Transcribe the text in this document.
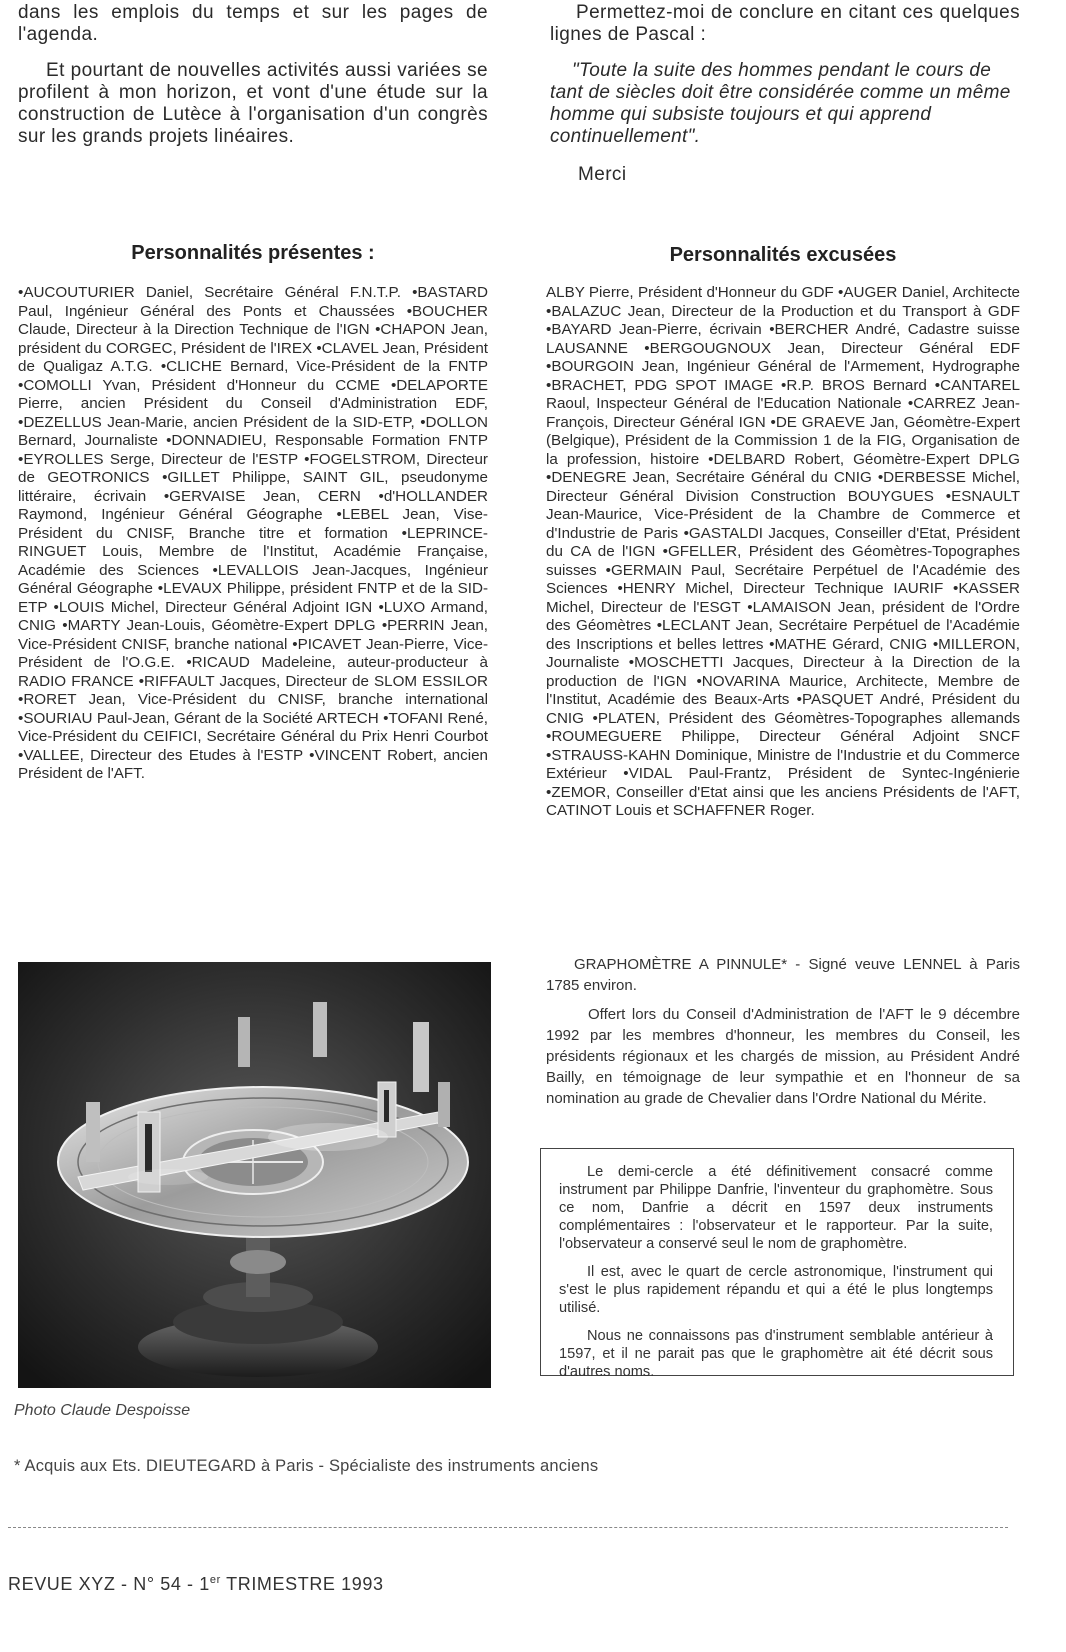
dans les emplois du temps et sur les pages de l'agenda.

Et pourtant de nouvelles activités aussi variées se profilent à mon horizon, et vont d'une étude sur la construction de Lutèce à l'organisation d'un congrès sur les grands projets linéaires.

Permettez-moi de conclure en citant ces quelques lignes de Pascal :

"Toute la suite des hommes pendant le cours de tant de siècles doit être considérée comme un même homme qui subsiste toujours et qui apprend continuellement".

Merci

Personnalités présentes :
•AUCOUTURIER Daniel, Secrétaire Général F.N.T.P. •BASTARD Paul, Ingénieur Général des Ponts et Chaussées •BOUCHER Claude, Directeur à la Direction Technique de l'IGN •CHAPON Jean, président du CORGEC, Président de l'IREX •CLAVEL Jean, Président de Qualigaz A.T.G. •CLICHE Bernard, Vice-Président de la FNTP •COMOLLI Yvan, Président d'Honneur du CCME •DELAPORTE Pierre, ancien Président du Conseil d'Administration EDF, •DEZELLUS Jean-Marie, ancien Président de la SID-ETP, •DOLLON Bernard, Journaliste •DONNADIEU, Responsable Formation FNTP •EYROLLES Serge, Directeur de l'ESTP •FOGELSTROM, Directeur de GEOTRONICS •GILLET Philippe, SAINT GIL, pseudonyme littéraire, écrivain •GERVAISE Jean, CERN •d'HOLLANDER Raymond, Ingénieur Général Géographe •LEBEL Jean, Vise-Président du CNISF, Branche titre et formation •LEPRINCE-RINGUET Louis, Membre de l'Institut, Académie Française, Académie des Sciences •LEVALLOIS Jean-Jacques, Ingénieur Général Géographe •LEVAUX Philippe, président FNTP et de la SID-ETP •LOUIS Michel, Directeur Général Adjoint IGN •LUXO Armand, CNIG •MARTY Jean-Louis, Géomètre-Expert DPLG •PERRIN Jean, Vice-Président CNISF, branche national •PICAVET Jean-Pierre, Vice-Président de l'O.G.E. •RICAUD Madeleine, auteur-producteur à RADIO FRANCE •RIFFAULT Jacques, Directeur de SLOM ESSILOR •RORET Jean, Vice-Président du CNISF, branche international •SOURIAU Paul-Jean, Gérant de la Société ARTECH •TOFANI René, Vice-Président du CEIFICI, Secrétaire Général du Prix Henri Courbot •VALLEE, Directeur des Etudes à l'ESTP •VINCENT Robert, ancien Président de l'AFT.
Personnalités excusées
ALBY Pierre, Président d'Honneur du GDF •AUGER Daniel, Architecte •BALAZUC Jean, Directeur de la Production et du Transport à GDF •BAYARD Jean-Pierre, écrivain •BERCHER André, Cadastre suisse LAUSANNE •BERGOUGNOUX Jean, Directeur Général EDF •BOURGOIN Jean, Ingénieur Général de l'Armement, Hydrographe •BRACHET, PDG SPOT IMAGE •R.P. BROS Bernard •CANTAREL Raoul, Inspecteur Général de l'Education Nationale •CARREZ Jean-François, Directeur Général IGN •DE GRAEVE Jan, Géomètre-Expert (Belgique), Président de la Commission 1 de la FIG, Organisation de la profession, histoire •DELBARD Robert, Géomètre-Expert DPLG •DENEGRE Jean, Secrétaire Général du CNIG •DERBESSE Michel, Directeur Général Division Construction BOUYGUES •ESNAULT Jean-Maurice, Vice-Président de la Chambre de Commerce et d'Industrie de Paris •GASTALDI Jacques, Conseiller d'Etat, Président du CA de l'IGN •GFELLER, Président des Géomètres-Topographes suisses •GERMAIN Paul, Secrétaire Perpétuel de l'Académie des Sciences •HENRY Michel, Directeur Technique IAURIF •KASSER Michel, Directeur de l'ESGT •LAMAISON Jean, président de l'Ordre des Géomètres •LECLANT Jean, Secrétaire Perpétuel de l'Académie des Inscriptions et belles lettres •MATHE Gérard, CNIG •MILLERON, Journaliste •MOSCHETTI Jacques, Directeur à la Direction de la production de l'IGN •NOVARINA Maurice, Architecte, Membre de l'Institut, Académie des Beaux-Arts •PASQUET André, Président du CNIG •PLATEN, Président des Géomètres-Topographes allemands •ROUMEGUERE Philippe, Directeur Général Adjoint SNCF •STRAUSS-KAHN Dominique, Ministre de l'Industrie et du Commerce Extérieur •VIDAL Paul-Frantz, Président de Syntec-Ingénierie •ZEMOR, Conseiller d'Etat ainsi que les anciens Présidents de l'AFT, CATINOT Louis et SCHAFFNER Roger.
Photo Claude Despoisse

GRAPHOMÈTRE A PINNULE* - Signé veuve LENNEL à Paris 1785 environ.

Offert lors du Conseil d'Administration de l'AFT le 9 décembre 1992 par les membres d'honneur, les membres du Conseil, les présidents régionaux et les chargés de mission, au Président André Bailly, en témoignage de leur sympathie et en l'honneur de sa nomination au grade de Chevalier dans l'Ordre National du Mérite.

Le demi-cercle a été définitivement consacré comme instrument par Philippe Danfrie, l'inventeur du graphomètre. Sous ce nom, Danfrie a décrit en 1597 deux instruments complémentaires : l'observateur et le rapporteur. Par la suite, l'observateur a conservé seul le nom de graphomètre.

Il est, avec le quart de cercle astronomique, l'instrument qui s'est le plus rapidement répandu et qui a été le plus longtemps utilisé.

Nous ne connaissons pas d'instrument semblable antérieur à 1597, et il ne parait pas que le graphomètre ait été décrit sous d'autres noms.

* Acquis aux Ets. DIEUTEGARD à Paris - Spécialiste des instruments anciens
REVUE XYZ - N° 54 - 1er TRIMESTRE 1993
